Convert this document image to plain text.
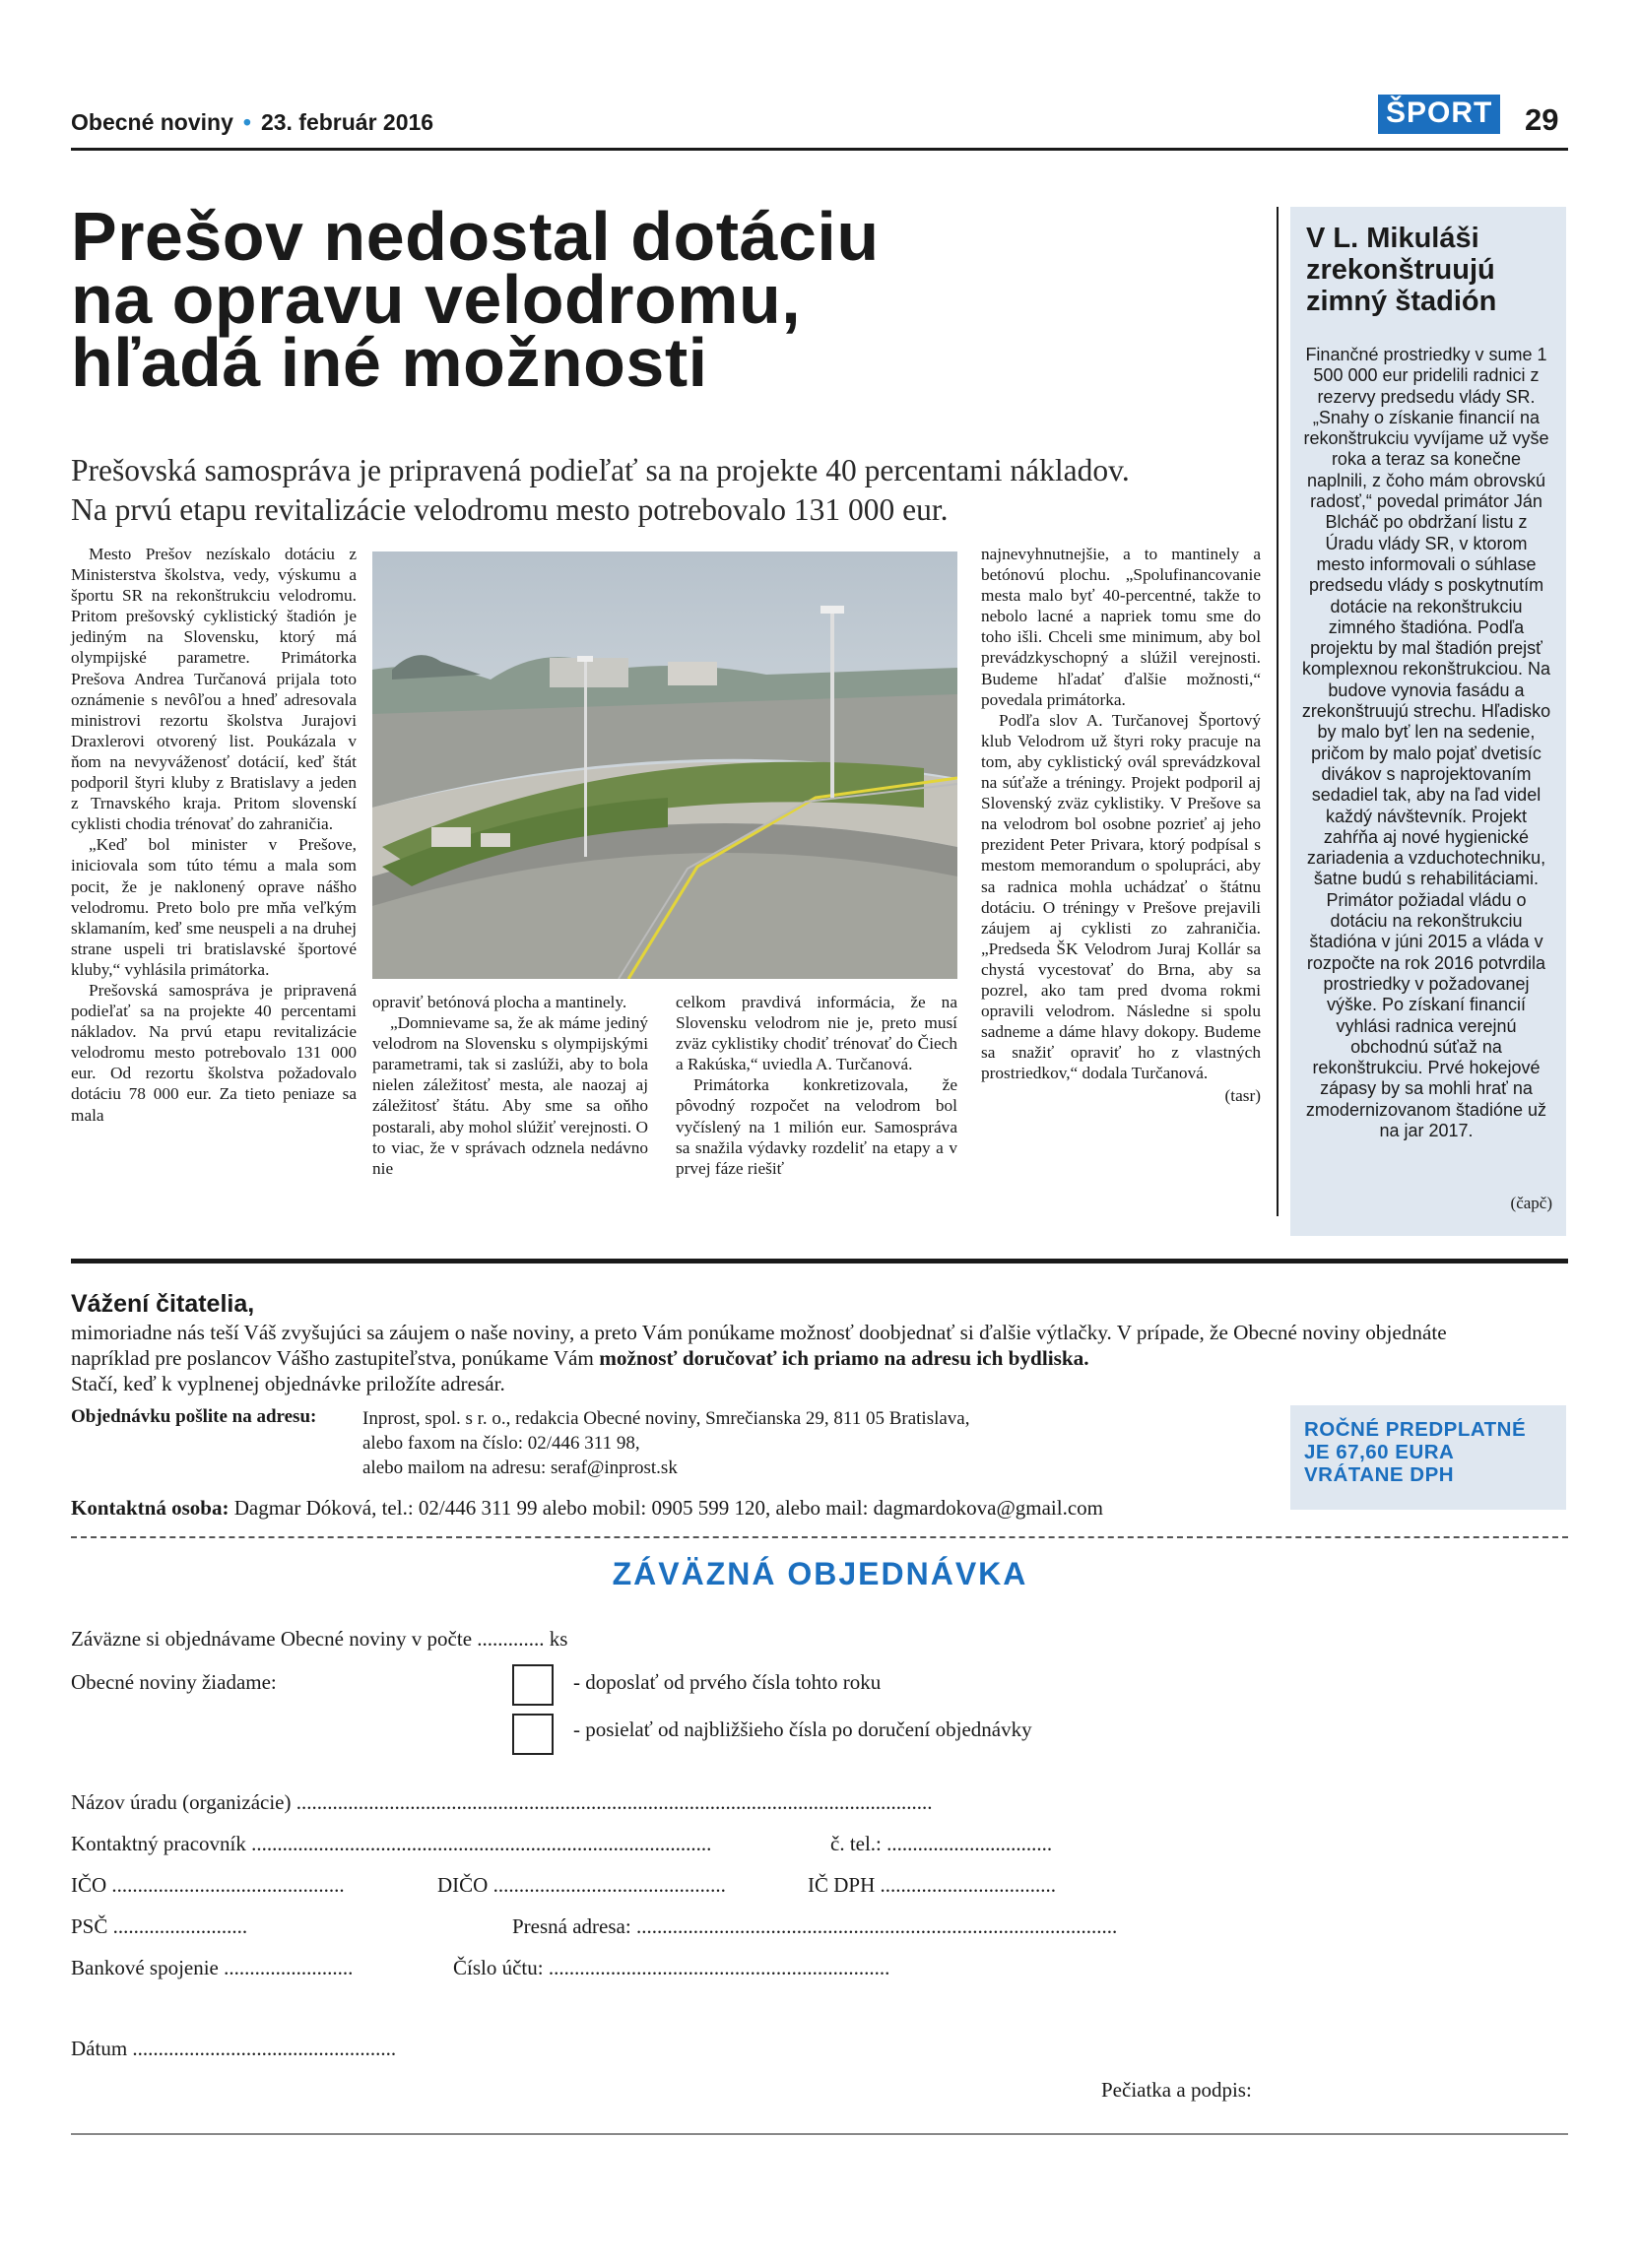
Obecné noviny • 23. február 2016	ŠPORT 29
Prešov nedostal dotáciu
na opravu velodromu,
hľadá iné možnosti
Prešovská samospráva je pripravená podieľať sa na projekte 40 percentami nákladov.
Na prvú etapu revitalizácie velodromu mesto potrebovalo 131 000 eur.

Mesto Prešov nezískalo dotáciu z Ministerstva školstva, vedy, výskumu a športu SR na rekonštrukciu velodromu. Pritom prešovský cyklistický štadión je jediným na Slovensku, ktorý má olympijské parametre. Primátorka Prešova Andrea Turčanová prijala toto oznámenie s nevôľou a hneď adresovala ministrovi rezortu školstva Jurajovi Draxlerovi otvorený list. Poukázala v ňom na nevyváženosť dotácií, keď štát podporil štyri kluby z Bratislavy a jeden z Trnavského kraja. Pritom slovenskí cyklisti chodia trénovať do zahraničia.

„Keď bol minister v Prešove, iniciovala som túto tému a mala som pocit, že je naklonený oprave nášho velodromu. Preto bolo pre mňa veľkým sklamaním, keď sme neuspeli a na druhej strane uspeli tri bratislavské športové kluby,“ vyhlásila primátorka.

Prešovská samospráva je pripravená podieľať sa na projekte 40 percentami nákladov. Na prvú etapu revitalizácie velodromu mesto potrebovalo 131 000 eur. Od rezortu školstva požadovalo dotáciu 78 000 eur. Za tieto peniaze sa mala

opraviť betónová plocha a mantinely.

„Domnievame sa, že ak máme jediný velodrom na Slovensku s olympijskými parametrami, tak si zaslúži, aby to bola nielen záležitosť mesta, ale naozaj aj záležitosť štátu. Aby sme sa oňho postarali, aby mohol slúžiť verejnosti. O to viac, že v správach odznela nedávno nie

celkom pravdivá informácia, že na Slovensku velodrom nie je, preto musí zväz cyklistiky chodiť trénovať do Čiech a Rakúska,“ uviedla A. Turčanová.

Primátorka konkretizovala, že pôvodný rozpočet na velodrom bol vyčíslený na 1 milión eur. Samospráva sa snažila výdavky rozdeliť na etapy a v prvej fáze riešiť

najnevyhnutnejšie, a to mantinely a betónovú plochu. „Spolufinancovanie mesta malo byť 40-percentné, takže to nebolo lacné a napriek tomu sme do toho išli. Chceli sme minimum, aby bol prevádzkyschopný a slúžil verejnosti. Budeme hľadať ďalšie možnosti,“ povedala primátorka.

Podľa slov A. Turčanovej Športový klub Velodrom už štyri roky pracuje na tom, aby cyklistický ovál sprevádzkoval na súťaže a tréningy. Projekt podporil aj Slovenský zväz cyklistiky. V Prešove sa na velodrom bol osobne pozrieť aj jeho prezident Peter Privara, ktorý podpísal s mestom memorandum o spolupráci, aby sa radnica mohla uchádzať o štátnu dotáciu. O tréningy v Prešove prejavili záujem aj cyklisti zo zahraničia. „Predseda ŠK Velodrom Juraj Kollár sa chystá vycestovať do Brna, aby sa pozrel, ako tam pred dvoma rokmi opravili velodrom. Následne si spolu sadneme a dáme hlavy dokopy. Budeme sa snažiť opraviť ho z vlastných prostriedkov,“ dodala Turčanová.

(tasr)
V L. Mikuláši zrekonštruujú zimný štadión
Finančné prostriedky v sume 1 500 000 eur pridelili radnici z rezervy predsedu vlády SR. „Snahy o získanie financií na rekonštrukciu vyvíjame už vyše roka a teraz sa konečne naplnili, z čoho mám obrovskú radosť,“ povedal primátor Ján Blcháč po obdržaní listu z Úradu vlády SR, v ktorom mesto informovali o súhlase predsedu vlády s poskytnutím dotácie na rekonštrukciu zimného štadióna. Podľa projektu by mal štadión prejsť komplexnou rekonštrukciou. Na budove vynovia fasádu a zrekonštruujú strechu. Hľadisko by malo byť len na sedenie, pričom by malo pojať dvetisíc divákov s naprojektovaním sedadiel tak, aby na ľad videl každý návštevník. Projekt zahŕňa aj nové hygienické zariadenia a vzduchotechniku, šatne budú s rehabilitáciami. Primátor požiadal vládu o dotáciu na rekonštrukciu štadióna v júni 2015 a vláda v rozpočte na rok 2016 potvrdila prostriedky v požadovanej výške. Po získaní financií vyhlási radnica verejnú obchodnú súťaž na rekonštrukciu. Prvé hokejové zápasy by sa mohli hrať na zmodernizovanom štadióne už na jar 2017.
(čapč)
Vážení čitatelia,
mimoriadne nás teší Váš zvyšujúci sa záujem o naše noviny, a preto Vám ponúkame možnosť doobjednať si ďalšie výtlačky. V prípade, že Obecné noviny objednáte napríklad pre poslancov Vášho zastupiteľstva, ponúkame Vám možnosť doručovať ich priamo na adresu ich bydliska.
Stačí, keď k vyplnenej objednávke priložíte adresár.
Objednávku pošlite na adresu: Inprost, spol. s r. o., redakcia Obecné noviny, Smrečianska 29, 811 05 Bratislava,
alebo faxom na číslo: 02/446 311 98,
alebo mailom na adresu: seraf@inprost.sk
Kontaktná osoba: Dagmar Dóková, tel.: 02/446 311 99 alebo mobil: 0905 599 120, alebo mail: dagmardokova@gmail.com
ROČNÉ PREDPLATNÉ
JE 67,60 EURA
VRÁTANE DPH
ZÁVÄZNÁ OBJEDNÁVKA
Záväzne si objednávame Obecné noviny v počte ............. ks
Obecné noviny žiadame:	- doposlať od prvého čísla tohto roku
- posielať od najbližšieho čísla po doručení objednávky
Názov úradu (organizácie) ...........................................................................................................................
Kontaktný pracovník .........................................................................................	č. tel.: ................................
IČO .............................................	DIČO .............................................	IČ DPH ..................................
PSČ ..........................	Presná adresa: .............................................................................................
Bankové spojenie .........................	Číslo účtu: ..................................................................
Dátum ...................................................
Pečiatka a podpis:
